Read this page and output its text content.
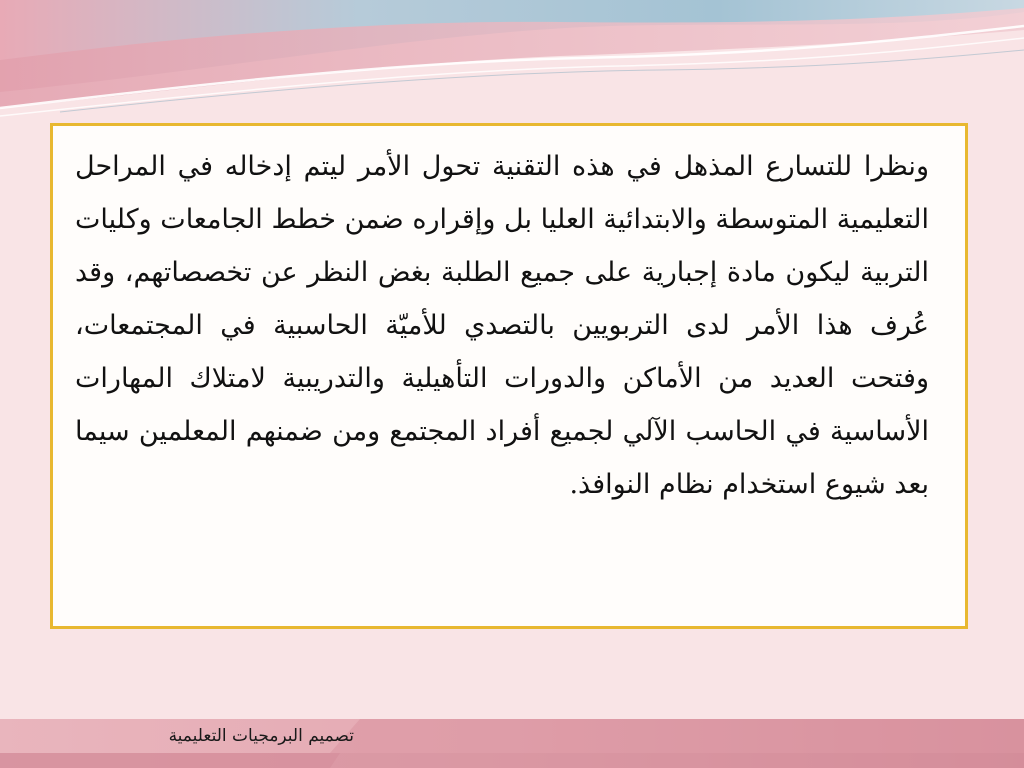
ونظرا للتسارع المذهل في هذه التقنية تحول الأمر ليتم إدخاله في المراحل التعليمية المتوسطة والابتدائية العليا بل وإقراره ضمن خطط الجامعات وكليات التربية ليكون مادة إجبارية على جميع الطلبة بغض النظر عن تخصصاتهم، وقد عُرف هذا الأمر لدى التربويين بالتصدي للأميّة الحاسبية في المجتمعات، وفتحت العديد من الأماكن والدورات التأهيلية والتدريبية لامتلاك المهارات الأساسية في الحاسب الآلي لجميع أفراد المجتمع ومن ضمنهم المعلمين سيما بعد شيوع استخدام نظام النوافذ.

تصميم البرمجيات التعليمية
